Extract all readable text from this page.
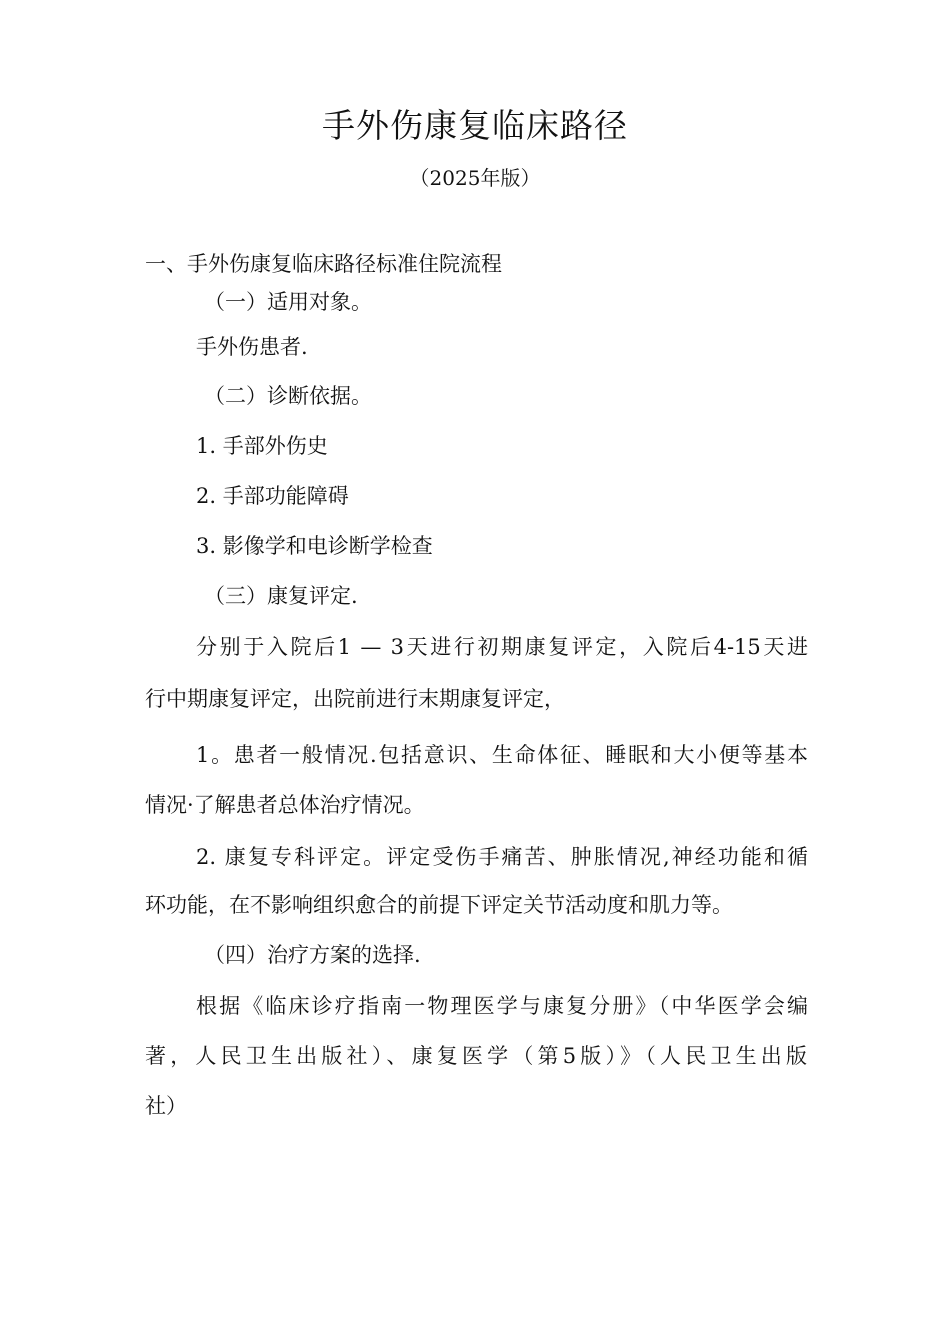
手外伤康复临床路径
（2025年版）
一、手外伤康复临床路径标准住院流程
（一）适用对象。
手外伤患者.
（二）诊断依据。
1. 手部外伤史
2. 手部功能障碍
3. 影像学和电诊断学检查
（三）康复评定.
分别于入院后1 — 3天进行初期康复评定，入院后4-15天进
行中期康复评定，出院前进行末期康复评定，
1。患者一般情况.包括意识、生命体征、睡眠和大小便等基本
情况·了解患者总体治疗情况。
2. 康复专科评定。评定受伤手痛苦、肿胀情况,神经功能和循
环功能，在不影响组织愈合的前提下评定关节活动度和肌力等。
（四）治疗方案的选择.
根据《临床诊疗指南一物理医学与康复分册》（中华医学会编
著，人民卫生出版社）、康复医学（第5版）》（人民卫生出版
社）
